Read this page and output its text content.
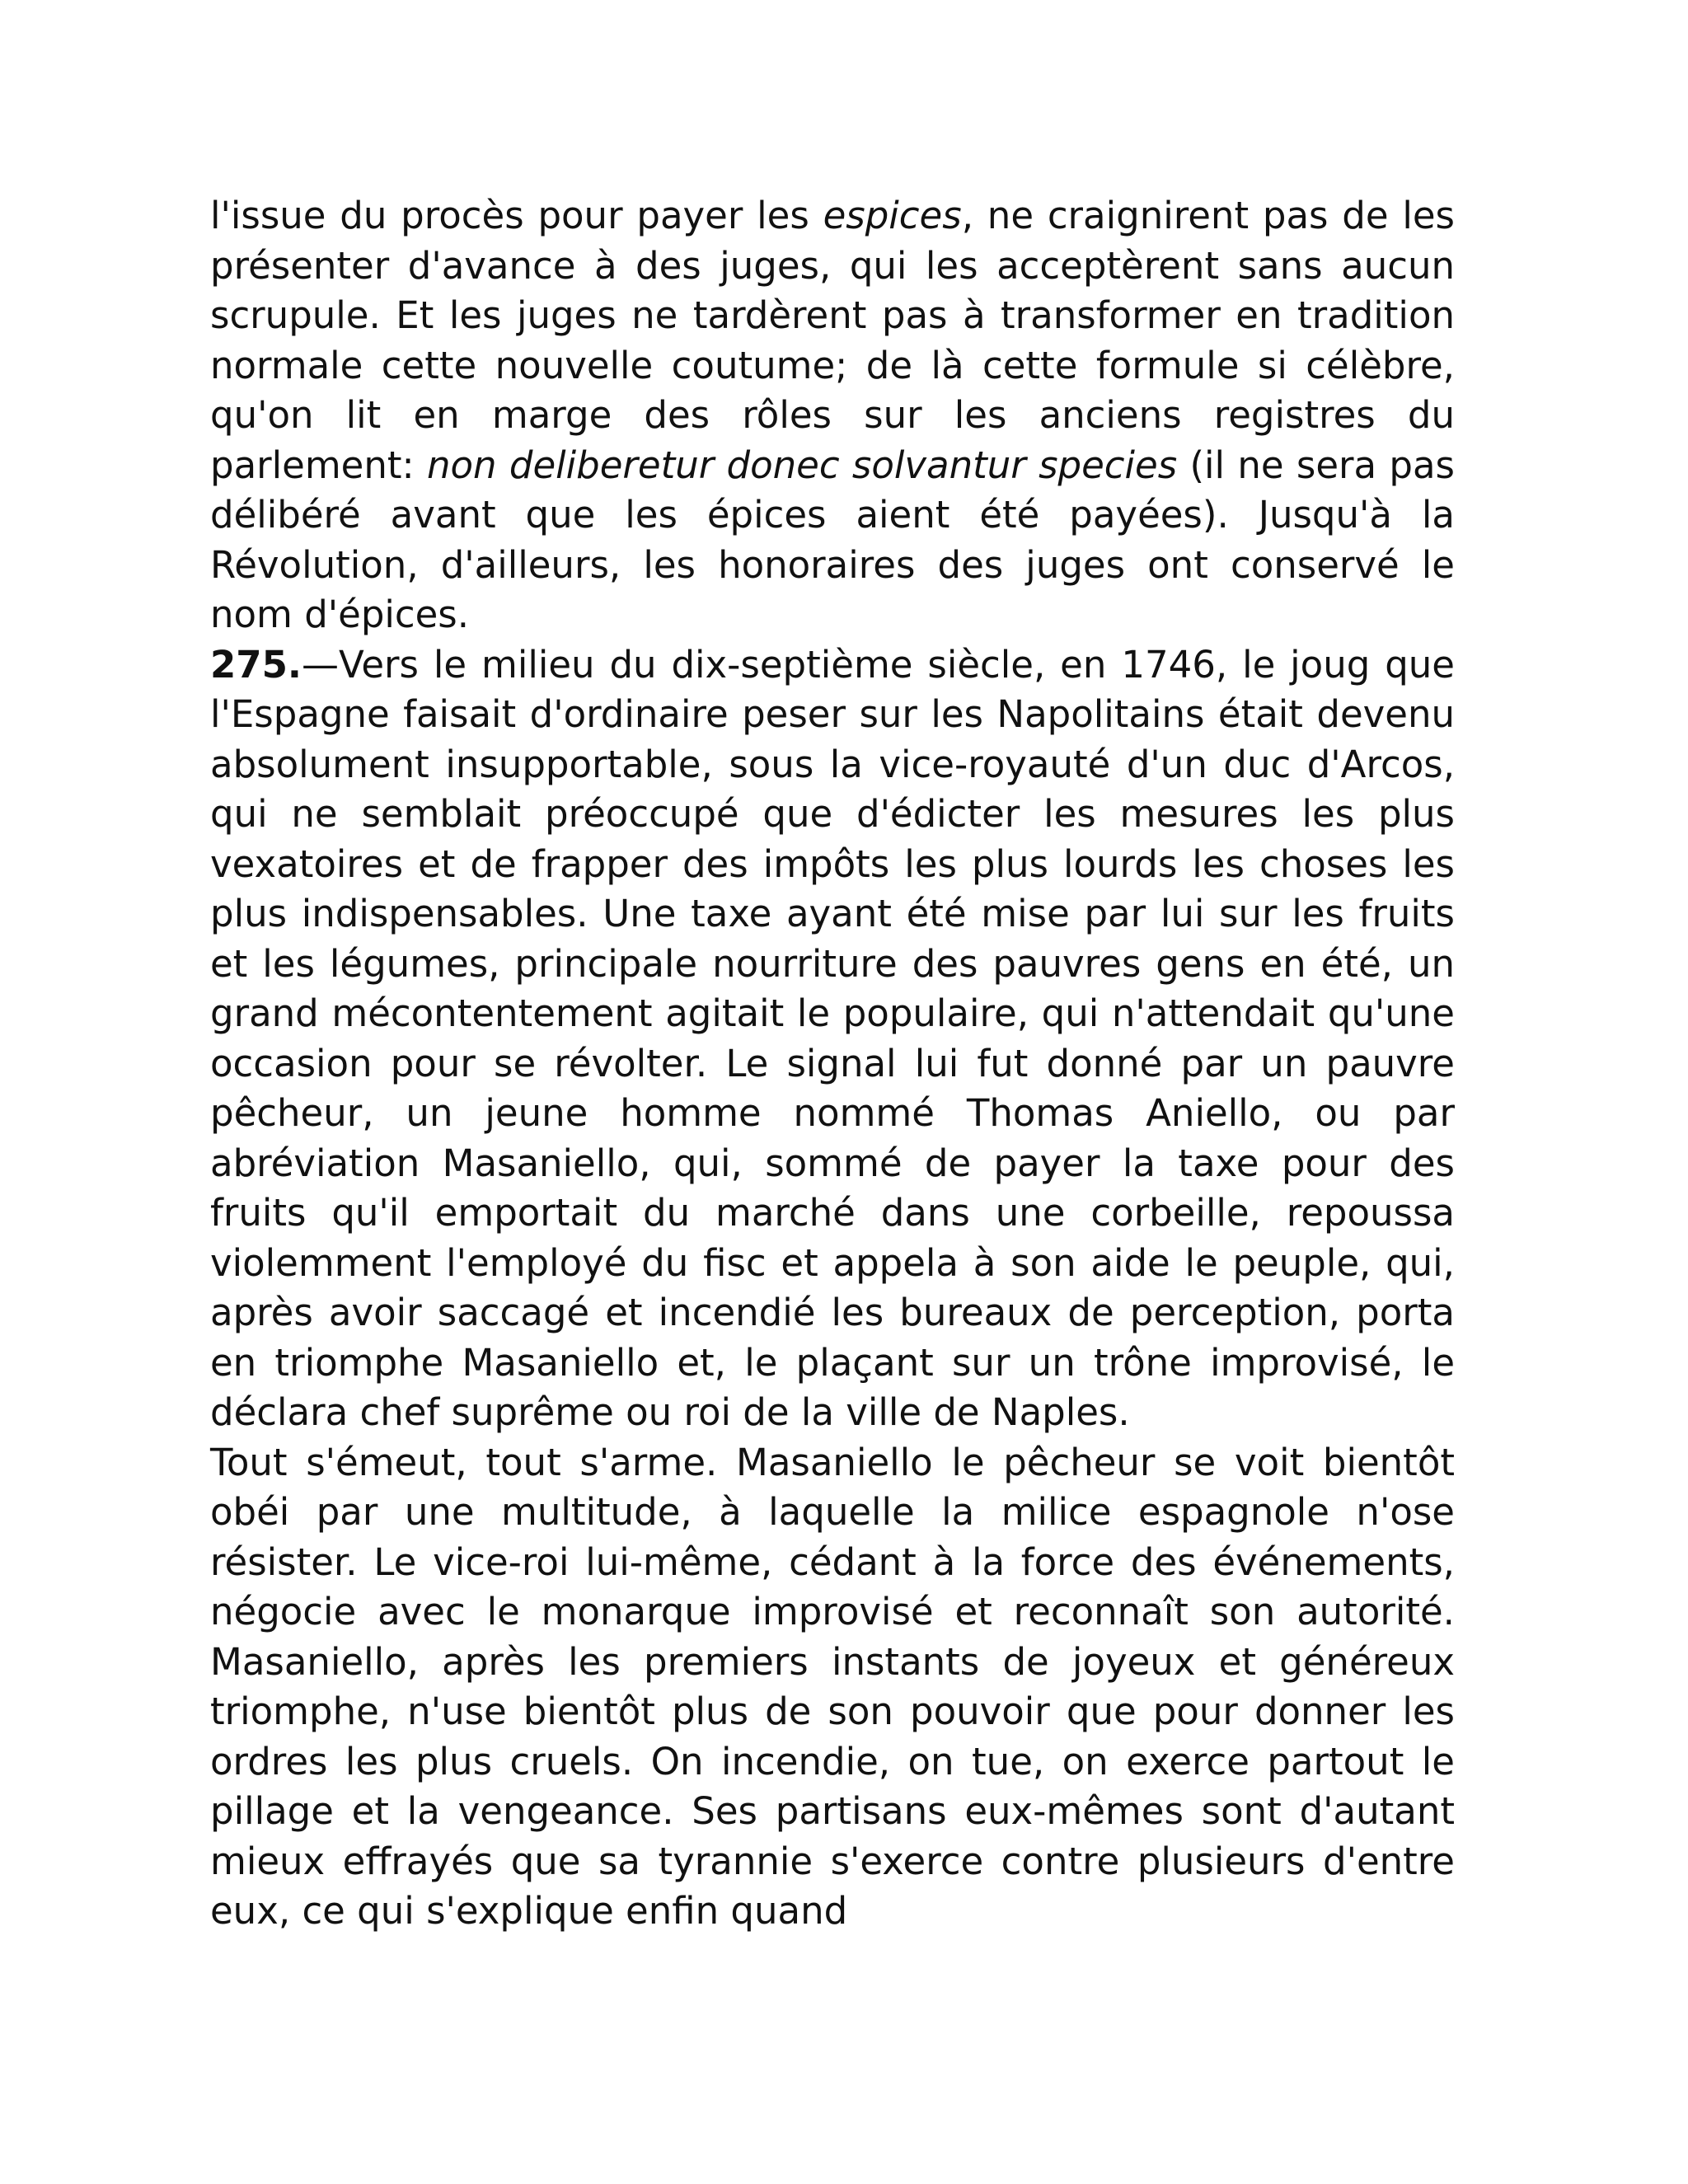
l'issue du procès pour payer les espices, ne craignirent pas de les présenter d'avance à des juges, qui les acceptèrent sans aucun scrupule. Et les juges ne tardèrent pas à transformer en tradition normale cette nouvelle coutume; de là cette formule si célèbre, qu'on lit en marge des rôles sur les anciens registres du parlement: non deliberetur donec solvantur species (il ne sera pas délibéré avant que les épices aient été payées). Jusqu'à la Révolution, d'ailleurs, les honoraires des juges ont conservé le nom d'épices.

275.—Vers le milieu du dix-septième siècle, en 1746, le joug que l'Espagne faisait d'ordinaire peser sur les Napolitains était devenu absolument insupportable, sous la vice-royauté d'un duc d'Arcos, qui ne semblait préoccupé que d'édicter les mesures les plus vexatoires et de frapper des impôts les plus lourds les choses les plus indispensables. Une taxe ayant été mise par lui sur les fruits et les légumes, principale nourriture des pauvres gens en été, un grand mécontentement agitait le populaire, qui n'attendait qu'une occasion pour se révolter. Le signal lui fut donné par un pauvre pêcheur, un jeune homme nommé Thomas Aniello, ou par abréviation Masaniello, qui, sommé de payer la taxe pour des fruits qu'il emportait du marché dans une corbeille, repoussa violemment l'employé du fisc et appela à son aide le peuple, qui, après avoir saccagé et incendié les bureaux de perception, porta en triomphe Masaniello et, le plaçant sur un trône improvisé, le déclara chef suprême ou roi de la ville de Naples.

Tout s'émeut, tout s'arme. Masaniello le pêcheur se voit bientôt obéi par une multitude, à laquelle la milice espagnole n'ose résister. Le vice-roi lui-même, cédant à la force des événements, négocie avec le monarque improvisé et reconnaît son autorité. Masaniello, après les premiers instants de joyeux et généreux triomphe, n'use bientôt plus de son pouvoir que pour donner les ordres les plus cruels. On incendie, on tue, on exerce partout le pillage et la vengeance. Ses partisans eux-mêmes sont d'autant mieux effrayés que sa tyrannie s'exerce contre plusieurs d'entre eux, ce qui s'explique enfin quand
